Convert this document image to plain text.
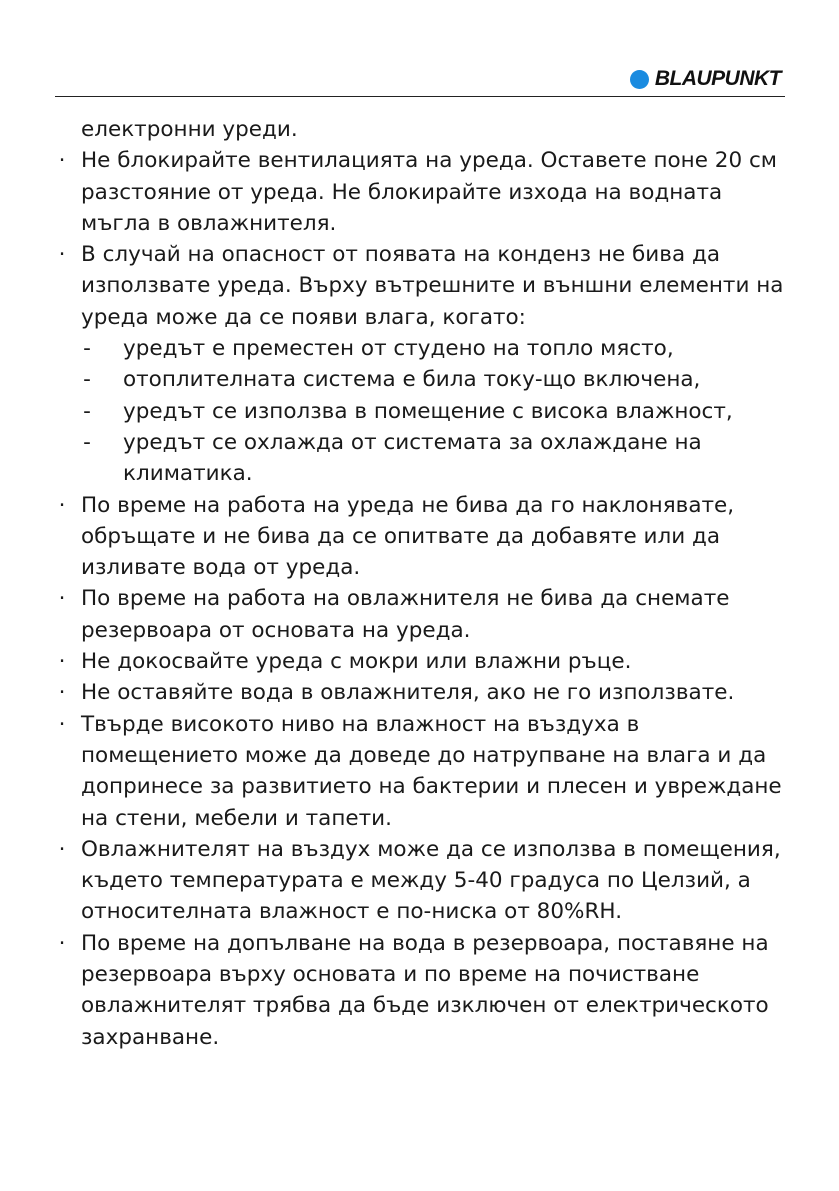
BLAUPUNKT
електронни уреди.
· Не блокирайте вентилацията на уреда. Оставете поне 20 см разстояние от уреда. Не блокирайте изхода на водната мъгла в овлажнителя.
· В случай на опасност от появата на конденз не бива да използвате уреда. Върху вътрешните и външни елементи на уреда може да се появи влага, когато:
- уредът е преместен от студено на топло място,
- отоплителната система е била току-що включена,
- уредът се използва в помещение с висока влажност,
- уредът се охлажда от системата за охлаждане на климатика.
· По време на работа на уреда не бива да го наклонявате, обръщате и не бива да се опитвате да добавяте или да изливате вода от уреда.
· По време на работа на овлажнителя не бива да снемате резервоара от основата на уреда.
· Не докосвайте уреда с мокри или влажни ръце.
· Не оставяйте вода в овлажнителя, ако не го използвате.
· Твърде високото ниво на влажност на въздуха в помещението може да доведе до натрупване на влага и да допринесе за развитието на бактерии и плесен и увреждане на стени, мебели и тапети.
· Овлажнителят на въздух може да се използва в помещения, където температурата е между 5-40 градуса по Целзий, а относителната влажност е по-ниска от 80%RH.
· По време на допълване на вода в резервоара, поставяне на резервоара върху основата и по време на почистване овлажнителят трябва да бъде изключен от електрическото захранване.
